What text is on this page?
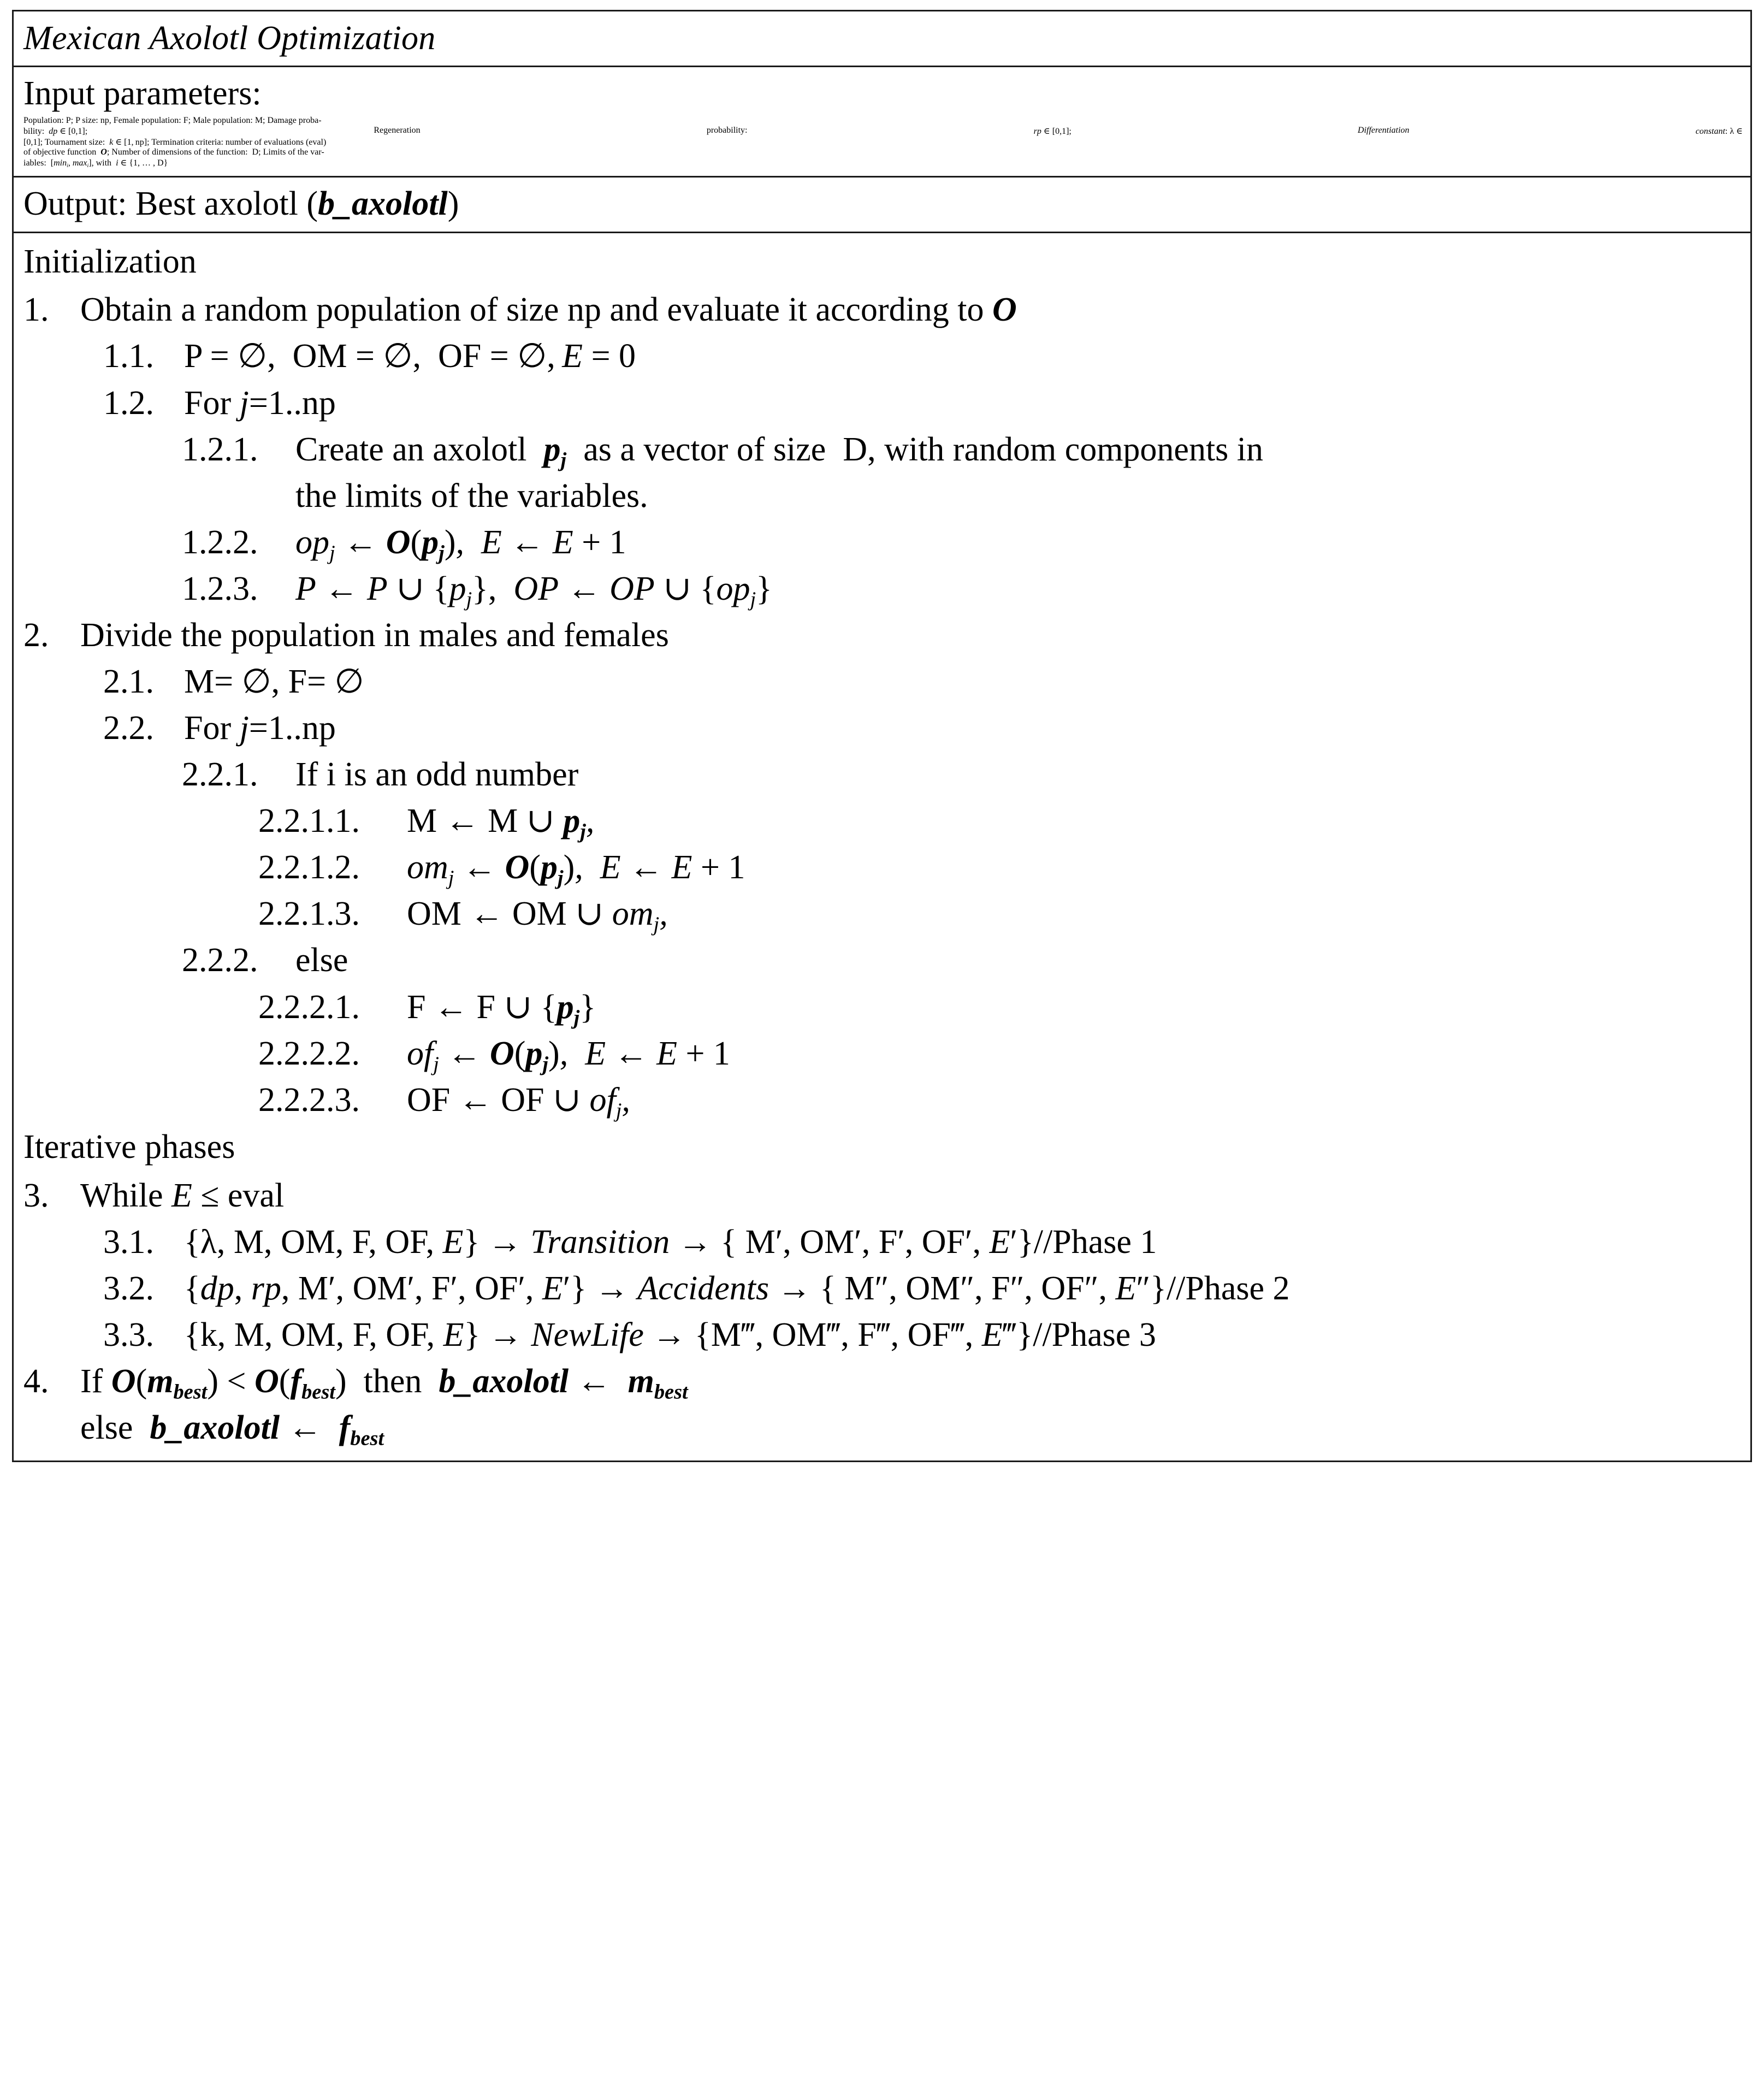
Mexican Axolotl Optimization
Input parameters:
Population: P; P size: np, Female population: F; Male population: M; Damage proba-
bility:  dp ∈ [0,1];	Regeneration	probability:	rp ∈ [0,1];	Differentiation	constant: λ ∈
[0,1]; Tournament size:  k ∈ [1, np]; Termination criteria: number of evaluations (eval)
of objective function  O; Number of dimensions of the function:  D; Limits of the var-
iables:  [$\min_i$, $\max_i$], with  i ∈ {1, … , D}
Output: Best axolotl (b_axolotl)
Initialization
1. Obtain a random population of size np and evaluate it according to O
1.1. P = ∅,  OM = ∅,  OF = ∅, E = 0
1.2. For j=1..np
1.2.1.	Create an axolotl  $p_j$  as a vector of size  D, with random components in
the limits of the variables.
1.2.2.	$op_j$ ← $O(p_j)$, E ← E + 1
1.2.3.	P ← P ∪ $\{p_j\}$,  OP ← OP ∪ $\{op_j\}$
2. Divide the population in males and females
2.1. M= ∅, F= ∅
2.2. For j=1..np
2.2.1.	If i is an odd number
2.2.1.1.	M ← M ∪ $p_j$,
2.2.1.2.	$om_j$ ← $O(p_j)$, E ← E + 1
2.2.1.3.	OM ← OM ∪ $om_j$,
2.2.2.	else
2.2.2.1.	F ← F ∪ $\{p_j\}$
2.2.2.2.	$of_j$ ← $O(p_j)$, E ← E + 1
2.2.2.3.	OF ← OF ∪ $of_j$,
Iterative phases
3. While E ≤ eval
3.1. {λ, M, OM, F, OF, E} → Transition → { M′, OM′, F′, OF′, E′}//Phase 1
3.2. {dp, rp, M′, OM′, F′, OF′, E′} → Accidents → { M″, OM″, F″, OF″, E″}//Phase 2
3.3. {k, M, OM, F, OF, E} → NewLife → {M‴, OM‴, F‴, OF‴, E‴}//Phase 3
4. If $O(m_{best}) < O(f_{best})$  then  b_axolotl ←  $m_{best}$
else  b_axolotl ←  $f_{best}$
